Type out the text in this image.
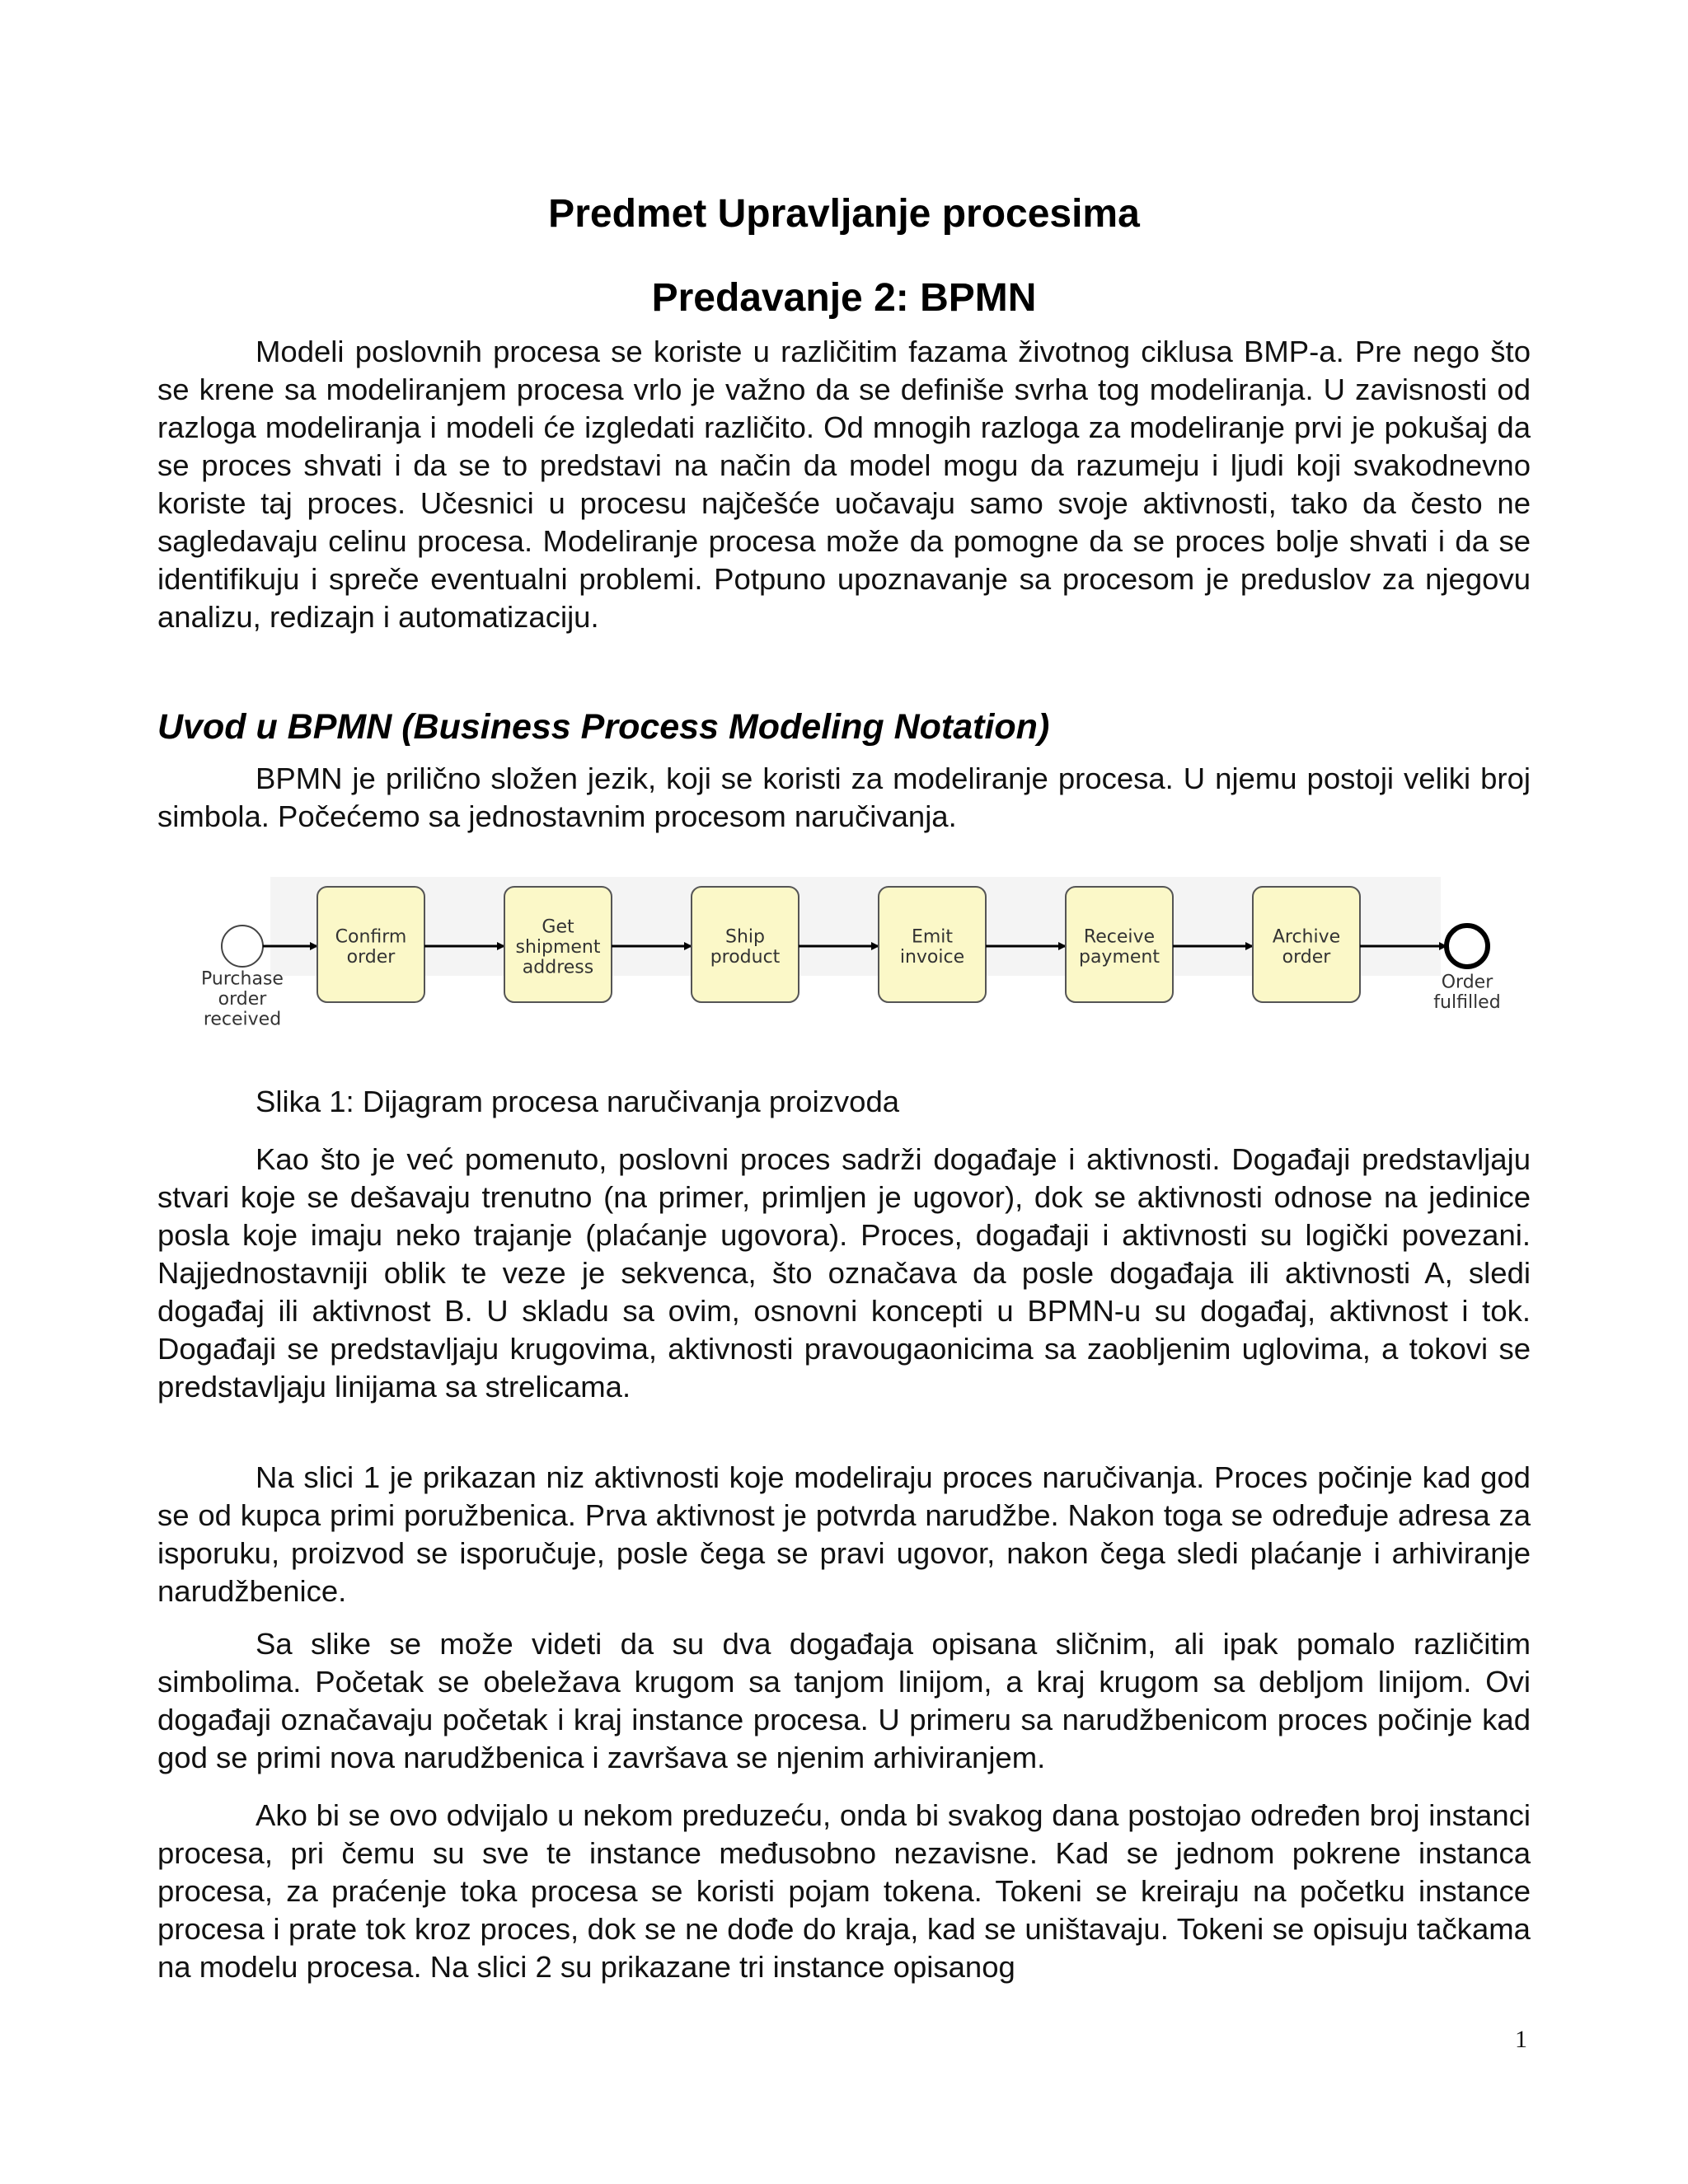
Predmet Upravljanje procesima
Predavanje 2: BPMN

Modeli poslovnih procesa se koriste u različitim fazama životnog ciklusa BMP-a. Pre nego što se krene sa modeliranjem procesa vrlo je važno da se definiše svrha tog modeliranja. U zavisnosti od razloga modeliranja i modeli će izgledati različito. Od mnogih razloga za modeliranje prvi je pokušaj da se proces shvati i da se to predstavi na način da model mogu da razumeju i ljudi koji svakodnevno koriste taj proces. Učesnici u procesu najčešće uočavaju samo svoje aktivnosti, tako da često ne sagledavaju celinu procesa. Modeliranje procesa može da pomogne da se proces bolje shvati i da se identifikuju i spreče eventualni problemi. Potpuno upoznavanje sa procesom je preduslov za njegovu analizu, redizajn i automatizaciju.

Uvod u BPMN (Business Process Modeling Notation)

BPMN je prilično složen jezik, koji se koristi za modeliranje procesa. U njemu postoji veliki broj simbola. Počećemo sa jednostavnim procesom naručivanja.

Purchase
order
received
Confirm
order
Get
shipment
address
Ship
product
Emit
invoice
Receive
payment
Archive
order
Order
fulfilled

Slika 1: Dijagram procesa naručivanja proizvoda

Kao što je već pomenuto, poslovni proces sadrži događaje i aktivnosti. Događaji predstavljaju stvari koje se dešavaju trenutno (na primer, primljen je ugovor), dok se aktivnosti odnose na jedinice posla koje imaju neko trajanje (plaćanje ugovora). Proces, događaji i aktivnosti su logički povezani. Najjednostavniji oblik te veze je sekvenca, što označava da posle događaja ili aktivnosti A, sledi događaj ili aktivnost B. U skladu sa ovim, osnovni koncepti u BPMN-u su događaj, aktivnost i tok. Događaji se predstavljaju krugovima, aktivnosti pravougaonicima sa zaobljenim uglovima, a tokovi se predstavljaju linijama sa strelicama.

Na slici 1 je prikazan niz aktivnosti koje modeliraju proces naručivanja. Proces počinje kad god se od kupca primi poružbenica. Prva aktivnost je potvrda narudžbe. Nakon toga se određuje adresa za isporuku, proizvod se isporučuje, posle čega se pravi ugovor, nakon čega sledi plaćanje i arhiviranje narudžbenice.

Sa slike se može videti da su dva događaja opisana sličnim, ali ipak pomalo različitim simbolima. Početak se obeležava krugom sa tanjom linijom, a kraj krugom sa debljom linijom. Ovi događaji označavaju početak i kraj instance procesa. U primeru sa narudžbenicom proces počinje kad god se primi nova narudžbenica i završava se njenim arhiviranjem.

Ako bi se ovo odvijalo u nekom preduzeću, onda bi svakog dana postojao određen broj instanci procesa, pri čemu su sve te instance međusobno nezavisne. Kad se jednom pokrene instanca procesa, za praćenje toka procesa se koristi pojam tokena. Tokeni se kreiraju na početku instance procesa i prate tok kroz proces, dok se ne dođe do kraja, kad se uništavaju. Tokeni se opisuju tačkama na modelu procesa. Na slici 2 su prikazane tri instance opisanog

1
